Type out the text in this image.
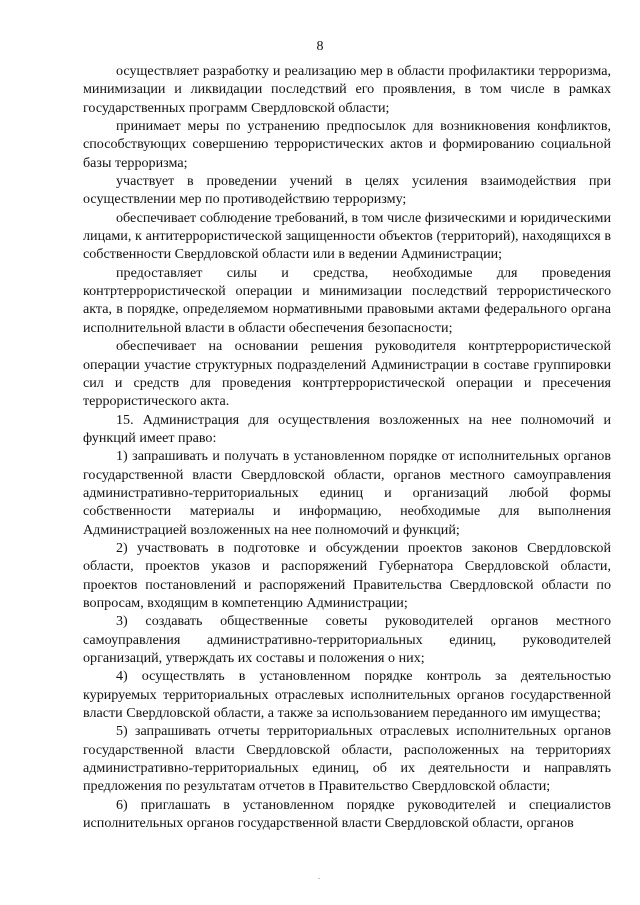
8

осуществляет разработку и реализацию мер в области профилактики терроризма, минимизации и ликвидации последствий его проявления, в том числе в рамках государственных программ Свердловской области;

принимает меры по устранению предпосылок для возникновения конфликтов, способствующих совершению террористических актов и формированию социальной базы терроризма;

участвует в проведении учений в целях усиления взаимодействия при осуществлении мер по противодействию терроризму;

обеспечивает соблюдение требований, в том числе физическими и юридическими лицами, к антитеррористической защищенности объектов (территорий), находящихся в собственности Свердловской области или в ведении Администрации;

предоставляет силы и средства, необходимые для проведения контртеррористической операции и минимизации последствий террористического акта, в порядке, определяемом нормативными правовыми актами федерального органа исполнительной власти в области обеспечения безопасности;

обеспечивает на основании решения руководителя контртеррористической операции участие структурных подразделений Администрации в составе группировки сил и средств для проведения контртеррористической операции и пресечения террористического акта.

15. Администрация для осуществления возложенных на нее полномочий и функций имеет право:

1) запрашивать и получать в установленном порядке от исполнительных органов государственной власти Свердловской области, органов местного самоуправления административно-территориальных единиц и организаций любой формы собственности материалы и информацию, необходимые для выполнения Администрацией возложенных на нее полномочий и функций;

2) участвовать в подготовке и обсуждении проектов законов Свердловской области, проектов указов и распоряжений Губернатора Свердловской области, проектов постановлений и распоряжений Правительства Свердловской области по вопросам, входящим в компетенцию Администрации;

3) создавать общественные советы руководителей органов местного самоуправления административно-территориальных единиц, руководителей организаций, утверждать их составы и положения о них;

4) осуществлять в установленном порядке контроль за деятельностью курируемых территориальных отраслевых исполнительных органов государственной власти Свердловской области, а также за использованием переданного им имущества;

5) запрашивать отчеты территориальных отраслевых исполнительных органов государственной власти Свердловской области, расположенных на территориях административно-территориальных единиц, об их деятельности и направлять предложения по результатам отчетов в Правительство Свердловской области;

6) приглашать в установленном порядке руководителей и специалистов исполнительных органов государственной власти Свердловской области, органов
